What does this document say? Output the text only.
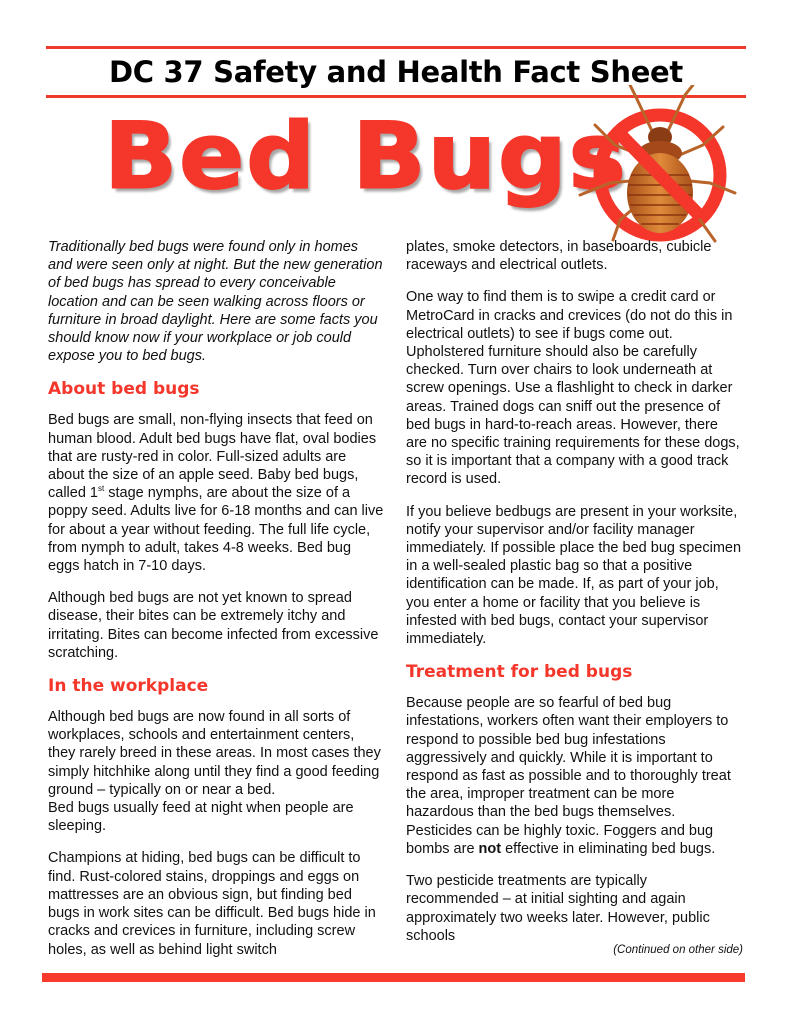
DC 37 Safety and Health Fact Sheet
Bed Bugs

Traditionally bed bugs were found only in homes and were seen only at night. But the new generation of bed bugs has spread to every conceivable location and can be seen walking across floors or furniture in broad daylight. Here are some facts you should know now if your workplace or job could expose you to bed bugs.

About bed bugs

Bed bugs are small, non-flying insects that feed on human blood. Adult bed bugs have flat, oval bodies that are rusty-red in color. Full-sized adults are about the size of an apple seed. Baby bed bugs, called 1st stage nymphs, are about the size of a poppy seed. Adults live for 6-18 months and can live for about a year without feeding. The full life cycle, from nymph to adult, takes 4-8 weeks. Bed bug eggs hatch in 7-10 days.

Although bed bugs are not yet known to spread disease, their bites can be extremely itchy and irritating. Bites can become infected from excessive scratching.

In the workplace

Although bed bugs are now found in all sorts of workplaces, schools and entertainment centers, they rarely breed in these areas. In most cases they simply hitchhike along until they find a good feeding ground – typically on or near a bed.
Bed bugs usually feed at night when people are sleeping.

Champions at hiding, bed bugs can be difficult to find. Rust-colored stains, droppings and eggs on mattresses are an obvious sign, but finding bed bugs in work sites can be difficult. Bed bugs hide in cracks and crevices in furniture, including screw holes, as well as behind light switch

plates, smoke detectors, in baseboards, cubicle raceways and electrical outlets.

One way to find them is to swipe a credit card or MetroCard in cracks and crevices (do not do this in electrical outlets) to see if bugs come out. Upholstered furniture should also be carefully checked. Turn over chairs to look underneath at screw openings. Use a flashlight to check in darker areas. Trained dogs can sniff out the presence of bed bugs in hard-to-reach areas. However, there are no specific training requirements for these dogs, so it is important that a company with a good track record is used.

If you believe bedbugs are present in your worksite, notify your supervisor and/or facility manager immediately. If possible place the bed bug specimen in a well-sealed plastic bag so that a positive identification can be made. If, as part of your job, you enter a home or facility that you believe is infested with bed bugs, contact your supervisor immediately.

Treatment for bed bugs

Because people are so fearful of bed bug infestations, workers often want their employers to respond to possible bed bug infestations aggressively and quickly. While it is important to respond as fast as possible and to thoroughly treat the area, improper treatment can be more hazardous than the bed bugs themselves. Pesticides can be highly toxic. Foggers and bug bombs are not effective in eliminating bed bugs.

Two pesticide treatments are typically recommended – at initial sighting and again approximately two weeks later. However, public schools

(Continued on other side)
